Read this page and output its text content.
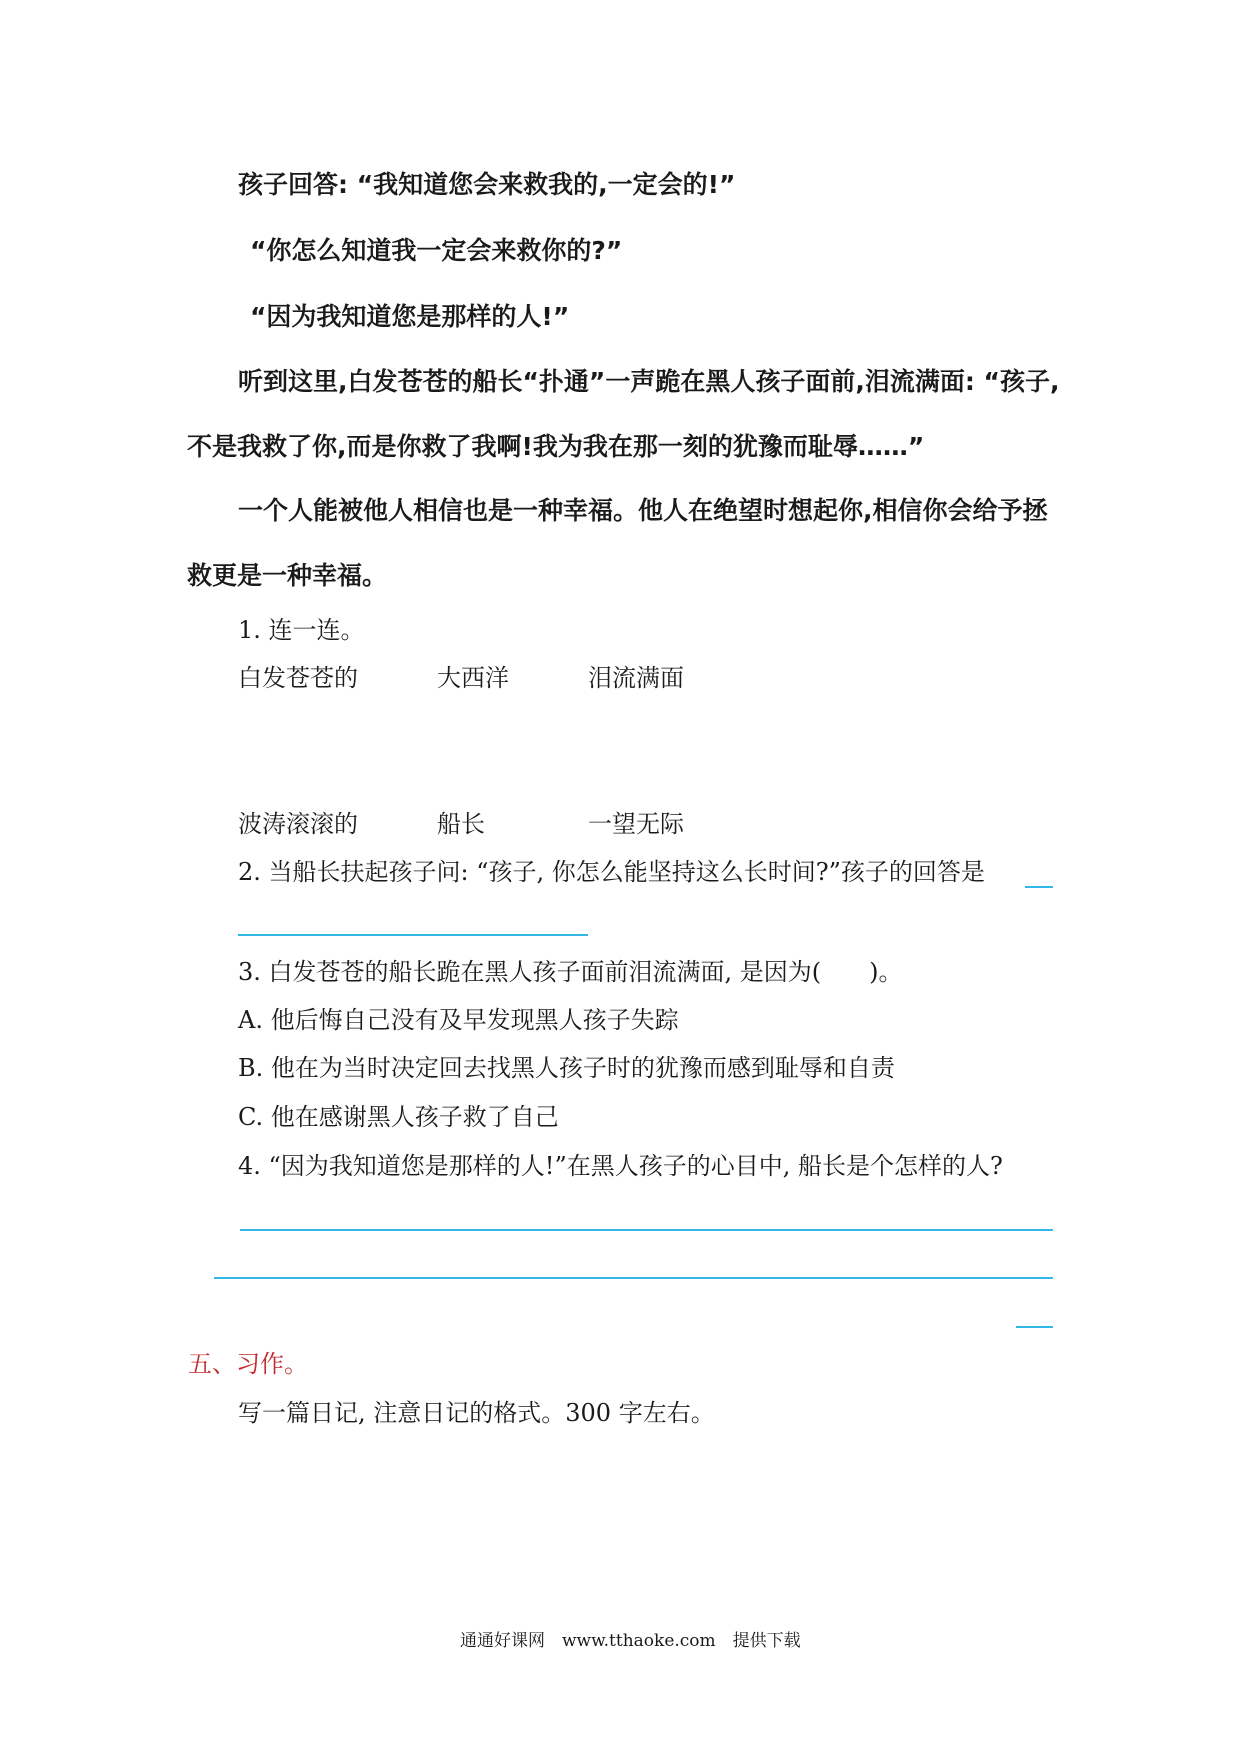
孩子回答: “我知道您会来救我的,一定会的!”
“你怎么知道我一定会来救你的?”
“因为我知道您是那样的人!”
听到这里,白发苍苍的船长“扑通”一声跪在黑人孩子面前,泪流满面: “孩子,
不是我救了你,而是你救了我啊!我为我在那一刻的犹豫而耻辱……”
一个人能被他人相信也是一种幸福。他人在绝望时想起你,相信你会给予拯
救更是一种幸福。
1. 连一连。
白发苍苍的	大西洋	泪流满面
波涛滚滚的	船长	一望无际
2. 当船长扶起孩子问: “孩子, 你怎么能坚持这么长时间?”孩子的回答是
3. 白发苍苍的船长跪在黑人孩子面前泪流满面, 是因为(　　)。
A. 他后悔自己没有及早发现黑人孩子失踪
B. 他在为当时决定回去找黑人孩子时的犹豫而感到耻辱和自责
C. 他在感谢黑人孩子救了自己
4. “因为我知道您是那样的人!”在黑人孩子的心目中, 船长是个怎样的人?
五、习作。
写一篇日记, 注意日记的格式。300 字左右。
通通好课网　www.tthaoke.com　提供下载
